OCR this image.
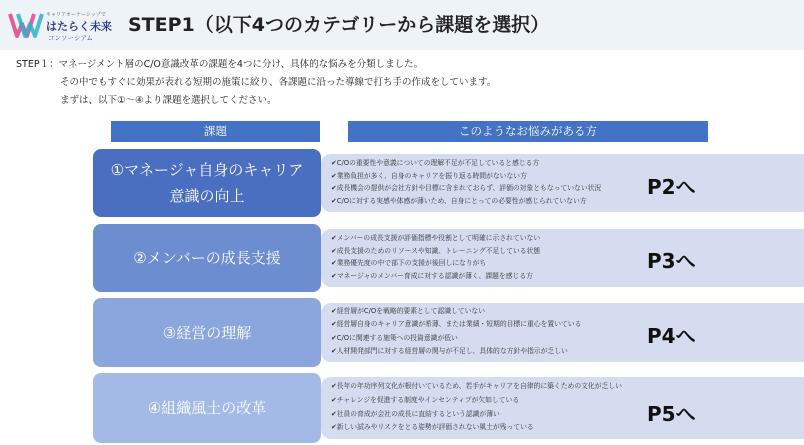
キャリアオーナーシップで
はたらく未来
コンソーシアム
STEP1（以下4つのカテゴリーから課題を選択）
STEP１：マネージメント層のC/O意識改革の課題を4つに分け、具体的な悩みを分類しました。
その中でもすぐに効果が表れる短期の施策に絞り、各課題に沿った導線で打ち手の作成をしています。
まずは、以下①～④より課題を選択してください。
課題	このようなお悩みがある方
①マネージャ自身のキャリア意識の向上
✔C/Oの重要性や意義についての理解不足が不足していると感じる方
✔業務負担が多く、自身のキャリアを振り返る時間がないない方
✔成長機会の提供が会社方針や目標に含まれておらず、評価の対象ともなっていない状況
✔C/Oに対する実感や体感が薄いため、自身にとっての必要性が感じられていない方
P2へ
②メンバーの成長支援
✔メンバーの成長支援が評価指標や役割として明確に示されていない
✔成長支援のためのリソースや知識、トレーニング不足している状態
✔業務優先度の中で部下の支援が後回しになりがち
✔マネージャのメンバー育成に対する認識が薄く、課題を感じる方
P3へ
③経営の理解
✔経営層がC/Oを戦略的要素として認識していない
✔経営層自身のキャリア意識が希薄、または業績・短期的目標に重心を置いている
✔C/Oに関連する施策への投資意識が低い
✔人材開発部門に対する経営層の関与が不足し、具体的な方針や指示が乏しい
P4へ
④組織風土の改革
✔長年の年功序列文化が根付いているため、若手がキャリアを自律的に築くための文化が乏しい
✔チャレンジを促進する制度やインセンティブが欠如している
✔社員の育成が会社の成長に直結するという認識が薄い
✔新しい試みやリスクをとる姿勢が評価されない風土が残っている
P5へ
